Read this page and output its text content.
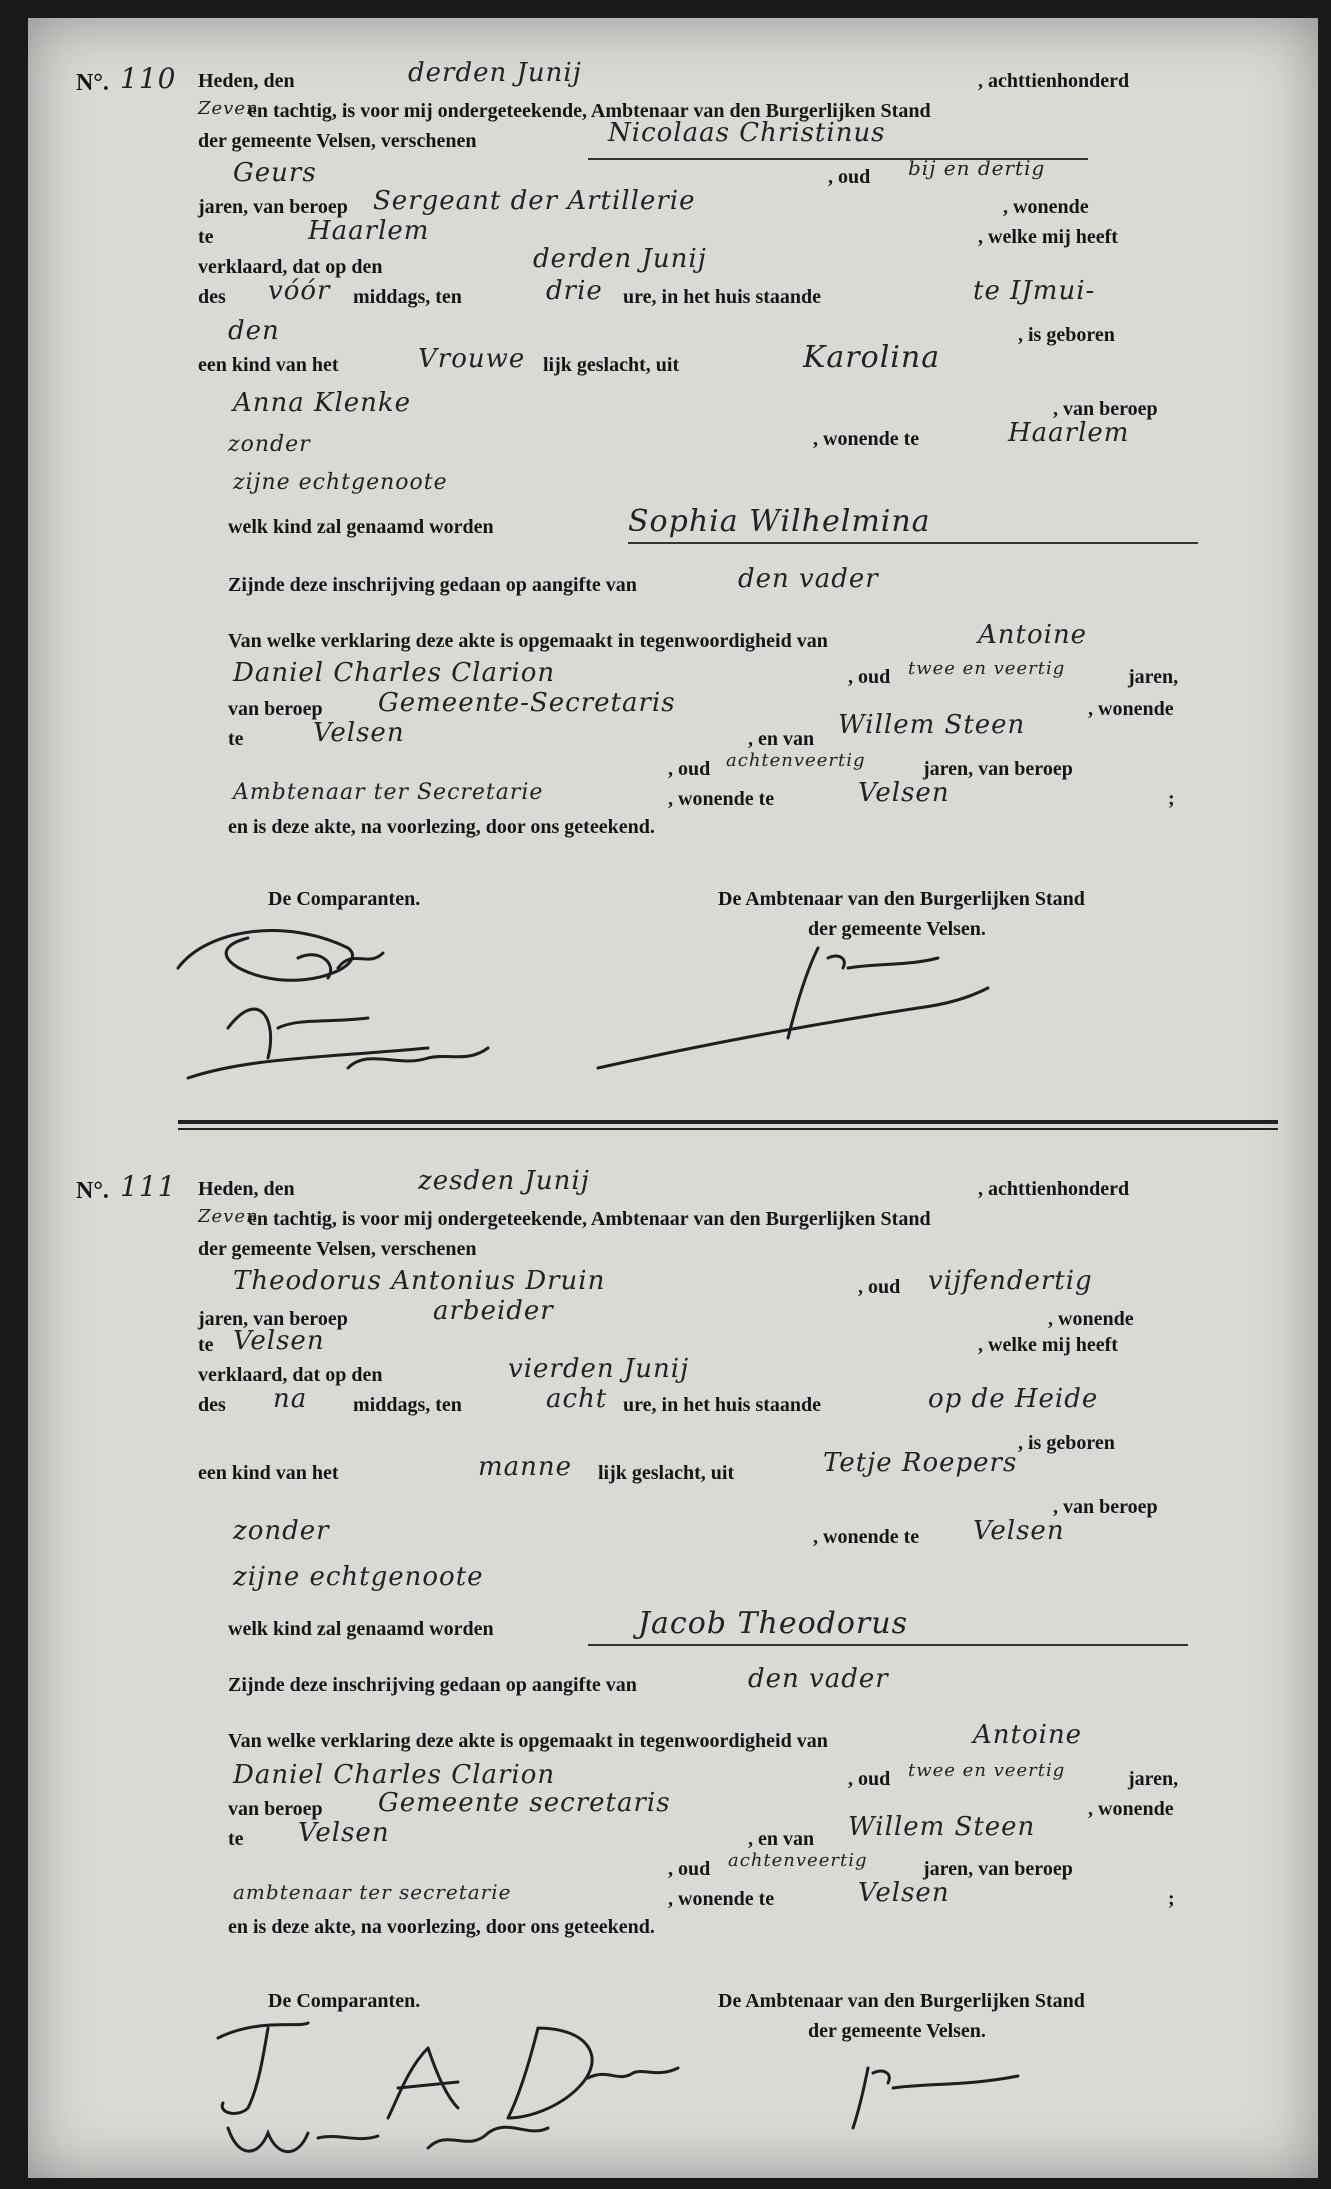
N°. 110 Heden, den	derden Junij	, achttienhonderd
Zeven
en tachtig, is voor mij ondergeteekende, Ambtenaar van den Burgerlijken Stand
der gemeente Velsen, verschenen	Nicolaas Christinus
Geurs	, oud bij en dertig
jaren, van beroep Sergeant der Artillerie	, wonende
te	Haarlem	, welke mij heeft
verklaard, dat op den	derden Junij
des vóór middags, ten	drie ure, in het huis staande	te IJmui-
den	, is geboren
een kind van het	Vrouwe lijk geslacht, uit	Karolina
Anna Klenke	, van beroep
zonder	, wonende te	Haarlem
zijne echtgenoote
welk kind zal genaamd worden	Sophia Wilhelmina
Zijnde deze inschrijving gedaan op aangifte van	den vader
Van welke verklaring deze akte is opgemaakt in tegenwoordigheid van	Antoine
Daniel Charles Clarion	, oud twee en veertig	jaren,
van beroep Gemeente-Secretaris	, wonende
te	Velsen	, en van Willem Steen
, oud achtenveertig	jaren, van beroep
Ambtenaar ter Secretarie	, wonende te	Velsen	;
en is deze akte, na voorlezing, door ons geteekend.
De Comparanten.	De Ambtenaar van den Burgerlijken Stand
der gemeente Velsen.
N°. 111 Heden, den	zesden Junij	, achttienhonderd
Zeven
en tachtig, is voor mij ondergeteekende, Ambtenaar van den Burgerlijken Stand
der gemeente Velsen, verschenen
Theodorus Antonius Druin	, oud vijfendertig
jaren, van beroep	arbeider	, wonende
te Velsen	, welke mij heeft
verklaard, dat op den	vierden Junij
des na middags, ten	acht ure, in het huis staande	op de Heide
, is geboren
een kind van het	manne lijk geslacht, uit	Tetje Roepers
, van beroep
zonder	, wonende te Velsen
zijne echtgenoote
welk kind zal genaamd worden	Jacob Theodorus
Zijnde deze inschrijving gedaan op aangifte van	den vader
Van welke verklaring deze akte is opgemaakt in tegenwoordigheid van	Antoine
Daniel Charles Clarion	, oud twee en veertig	jaren,
van beroep Gemeente secretaris	, wonende
te Velsen	, en van Willem Steen
, oud achtenveertig	jaren, van beroep
ambtenaar ter secretarie	, wonende te	Velsen	;
en is deze akte, na voorlezing, door ons geteekend.
De Comparanten.	De Ambtenaar van den Burgerlijken Stand
der gemeente Velsen.
